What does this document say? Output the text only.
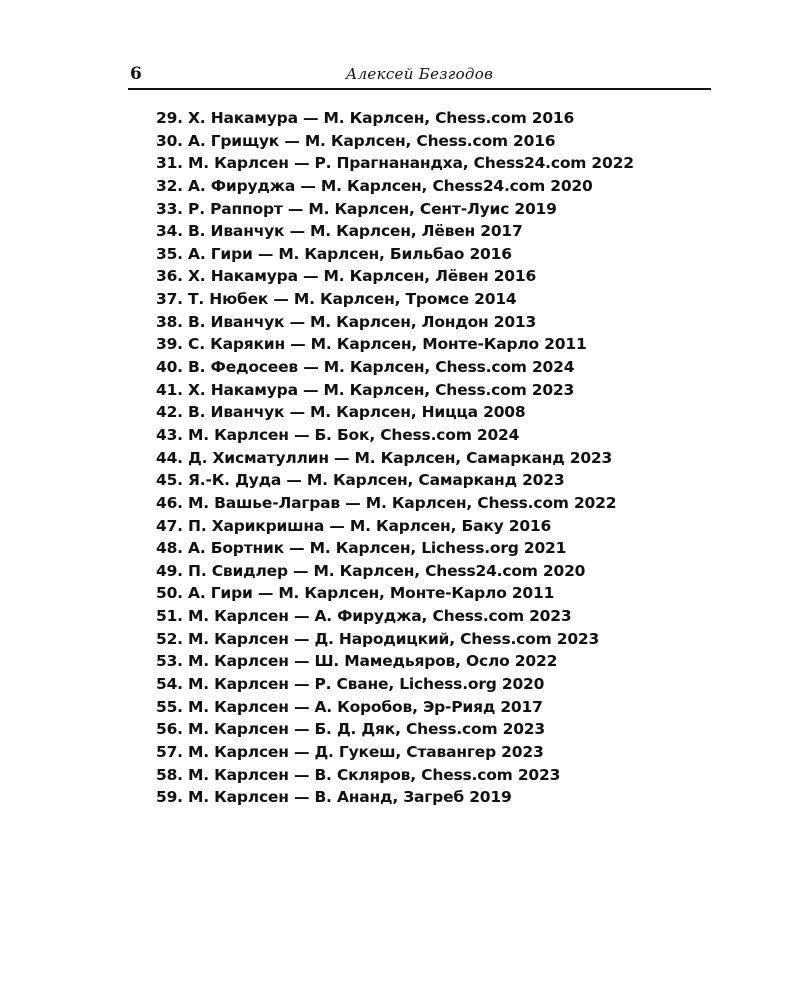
6	Алексей Безгодов
29. Х. Накамура — М. Карлсен, Chess.com 2016
30. А. Грищук — М. Карлсен, Chess.com 2016
31. М. Карлсен — Р. Прагнанандха, Chess24.com 2022
32. А. Фируджа — М. Карлсен, Chess24.com 2020
33. Р. Раппорт — М. Карлсен, Сент-Луис 2019
34. В. Иванчук — М. Карлсен, Лёвен 2017
35. А. Гири — М. Карлсен, Бильбао 2016
36. Х. Накамура — М. Карлсен, Лёвен 2016
37. Т. Нюбек — М. Карлсен, Тромсе 2014
38. В. Иванчук — М. Карлсен, Лондон 2013
39. С. Карякин — М. Карлсен, Монте-Карло 2011
40. В. Федосеев — М. Карлсен, Chess.com 2024
41. Х. Накамура — М. Карлсен, Chess.com 2023
42. В. Иванчук — М. Карлсен, Ницца 2008
43. М. Карлсен — Б. Бок, Chess.com 2024
44. Д. Хисматуллин — М. Карлсен, Самарканд 2023
45. Я.-К. Дуда — М. Карлсен, Самарканд 2023
46. М. Вашье-Лаграв — М. Карлсен, Chess.com 2022
47. П. Харикришна — М. Карлсен, Баку 2016
48. А. Бортник — М. Карлсен, Lichess.org 2021
49. П. Свидлер — М. Карлсен, Chess24.com 2020
50. А. Гири — М. Карлсен, Монте-Карло 2011
51. М. Карлсен — А. Фируджа, Chess.com 2023
52. М. Карлсен — Д. Народицкий, Chess.com 2023
53. М. Карлсен — Ш. Мамедьяров, Осло 2022
54. М. Карлсен — Р. Сване, Lichess.org 2020
55. М. Карлсен — А. Коробов, Эр-Рияд 2017
56. М. Карлсен — Б. Д. Дяк, Chess.com 2023
57. М. Карлсен — Д. Гукеш, Ставангер 2023
58. М. Карлсен — В. Скляров, Chess.com 2023
59. М. Карлсен — В. Ананд, Загреб 2019
